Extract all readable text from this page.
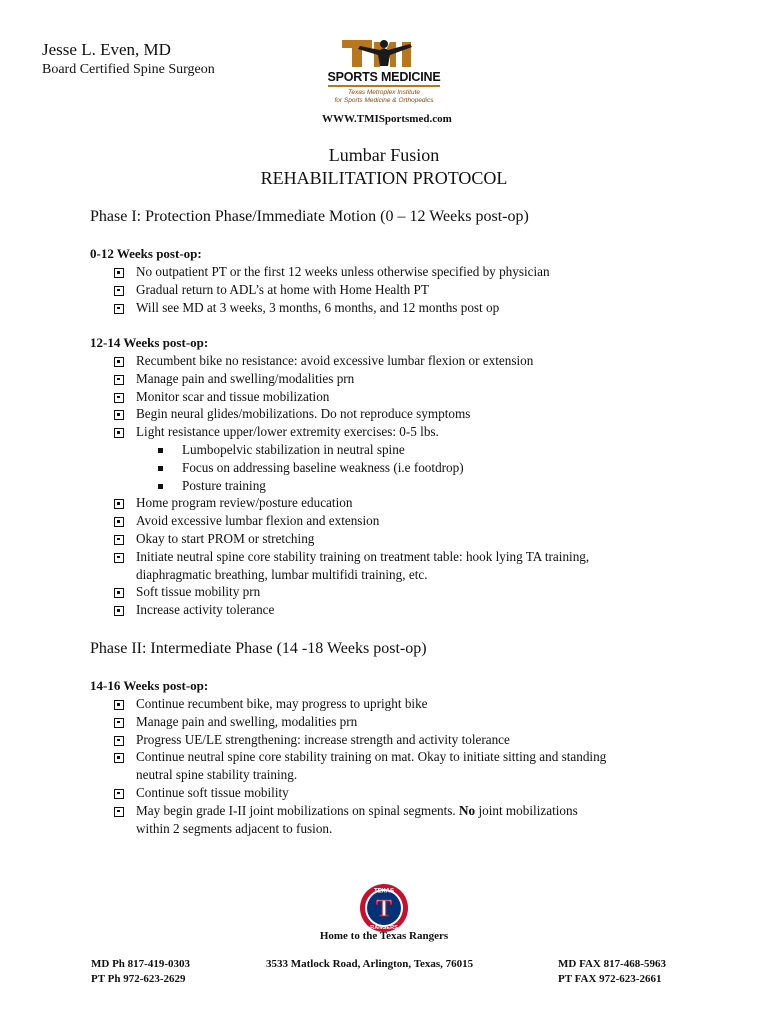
Jesse L. Even, MD
Board Certified Spine Surgeon	SPORTS MEDICINE
Texas Metroplex Institute
for Sports Medicine & Orthopedics
WWW.TMISportsmed.com
Lumbar Fusion
REHABILITATION PROTOCOL
Phase I: Protection Phase/Immediate Motion (0 – 12 Weeks post-op)
0-12 Weeks post-op:
No outpatient PT or the first 12 weeks unless otherwise specified by physician
Gradual return to ADL’s at home with Home Health PT
Will see MD at 3 weeks, 3 months, 6 months, and 12 months post op
12-14 Weeks post-op:
Recumbent bike no resistance: avoid excessive lumbar flexion or extension
Manage pain and swelling/modalities prn
Monitor scar and tissue mobilization
Begin neural glides/mobilizations. Do not reproduce symptoms
Light resistance upper/lower extremity exercises: 0-5 lbs.
Lumbopelvic stabilization in neutral spine
Focus on addressing baseline weakness (i.e footdrop)
Posture training
Home program review/posture education
Avoid excessive lumbar flexion and extension
Okay to start PROM or stretching
Initiate neutral spine core stability training on treatment table: hook lying TA training,
diaphragmatic breathing, lumbar multifidi training, etc.
Soft tissue mobility prn
Increase activity tolerance
Phase II: Intermediate Phase (14 -18 Weeks post-op)
14-16 Weeks post-op:
Continue recumbent bike, may progress to upright bike
Manage pain and swelling, modalities prn
Progress UE/LE strengthening: increase strength and activity tolerance
Continue neutral spine core stability training on mat. Okay to initiate sitting and standing
neutral spine stability training.
Continue soft tissue mobility
May begin grade I-II joint mobilizations on spinal segments. No joint mobilizations
within 2 segments adjacent to fusion.
TEXAS
RANGERS
T
Home to the Texas Rangers
MD Ph 817-419-0303
PT Ph 972-623-2629
3533 Matlock Road, Arlington, Texas, 76015	MD FAX 817-468-5963
PT FAX 972-623-2661
